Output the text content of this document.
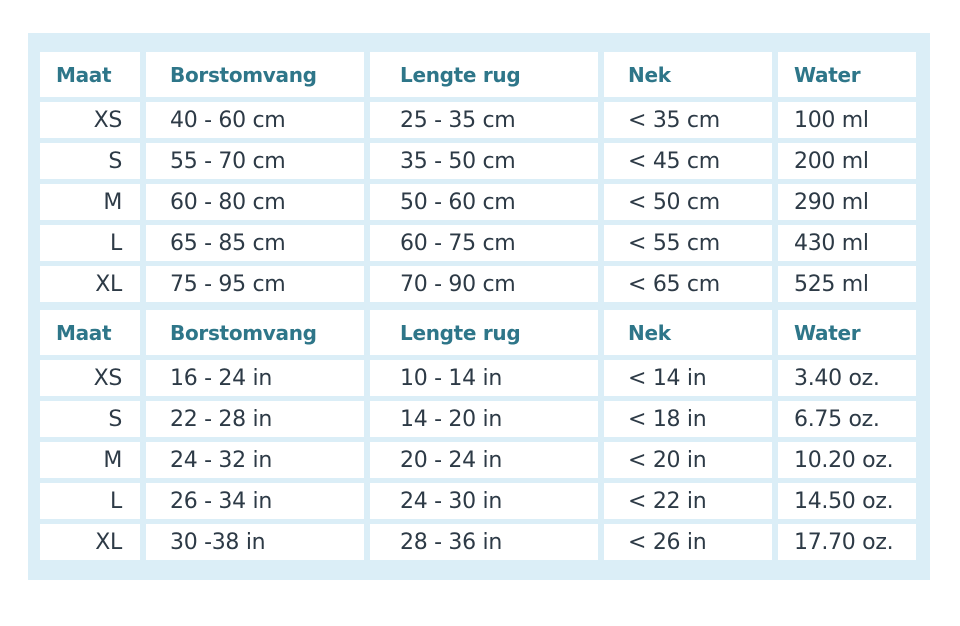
Maat	Borstomvang	Lengte rug	Nek	Water
XS	40 - 60 cm	25 - 35 cm	< 35 cm	100 ml
S	55 - 70 cm	35 - 50 cm	< 45 cm	200 ml
M	60 - 80 cm	50 - 60 cm	< 50 cm	290 ml
L	65 - 85 cm	60 - 75 cm	< 55 cm	430 ml
XL	75 - 95 cm	70 - 90 cm	< 65 cm	525 ml
Maat	Borstomvang	Lengte rug	Nek	Water
XS	16 - 24 in	10 - 14 in	< 14 in	3.40 oz.
S	22 - 28 in	14 - 20 in	< 18 in	6.75 oz.
M	24 - 32 in	20 - 24 in	< 20 in	10.20 oz.
L	26 - 34 in	24 - 30 in	< 22 in	14.50 oz.
XL	30 -38 in	28 - 36 in	< 26 in	17.70 oz.
